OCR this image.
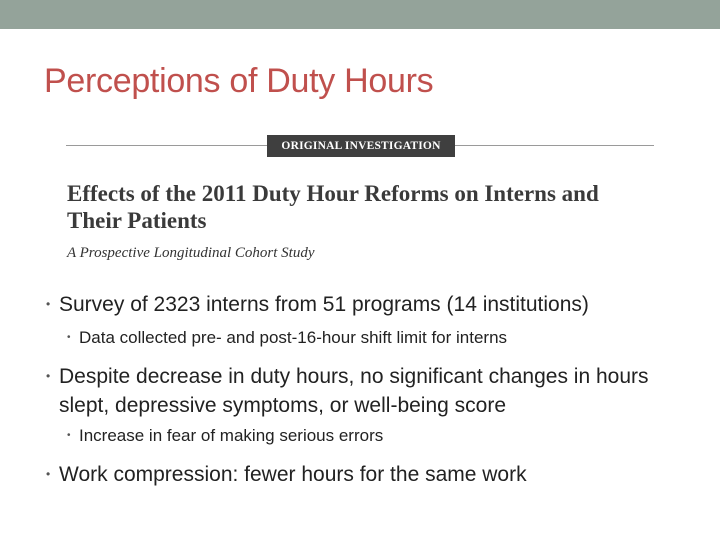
Perceptions of Duty Hours
ORIGINAL INVESTIGATION

Effects of the 2011 Duty Hour Reforms on Interns and Their Patients

A Prospective Longitudinal Cohort Study

• Survey of 2323 interns from 51 programs (14 institutions)
• Data collected pre- and post-16-hour shift limit for interns
• Despite decrease in duty hours, no significant changes in hours slept, depressive symptoms, or well-being score
• Increase in fear of making serious errors
• Work compression: fewer hours for the same work
